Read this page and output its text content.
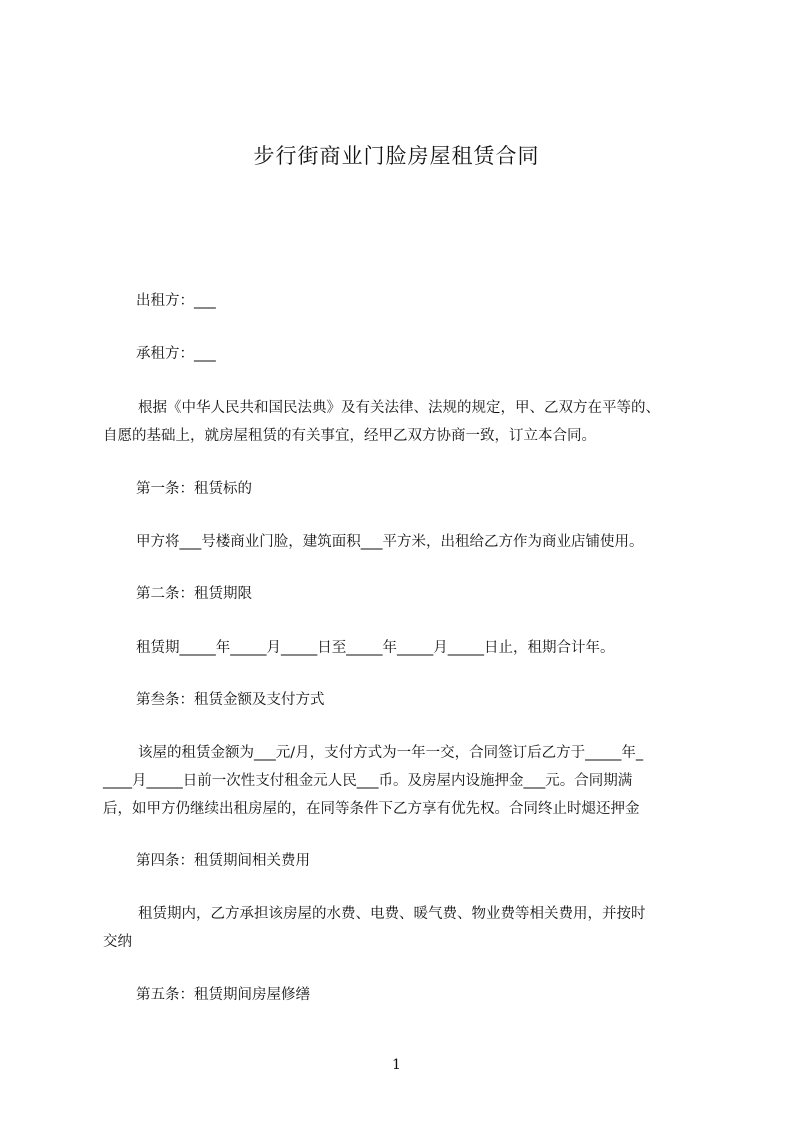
步行街商业门脸房屋租赁合同
出租方：___
承租方：___
根据《中华人民共和国民法典》及有关法律、法规的规定，甲、乙双方在平等的、
自愿的基础上，就房屋租赁的有关事宜，经甲乙双方协商一致，订立本合同。
第一条：租赁标的
甲方将___号楼商业门脸，建筑面积___平方米，出租给乙方作为商业店铺使用。
第二条：租赁期限
租赁期_____年_____月_____日至_____年_____月_____日止，租期合计年。
第叁条：租赁金额及支付方式
该屋的租赁金额为___元/月，支付方式为一年一交，合同签订后乙方于_____年_
____月_____日前一次性支付租金元人民___币。及房屋内设施押金___元。合同期满
后，如甲方仍继续出租房屋的，在同等条件下乙方享有优先权。合同终止时煺还押金
第四条：租赁期间相关费用
租赁期内，乙方承担该房屋的水费、电费、暖气费、物业费等相关费用，并按时
交纳
第五条：租赁期间房屋修缮
1
